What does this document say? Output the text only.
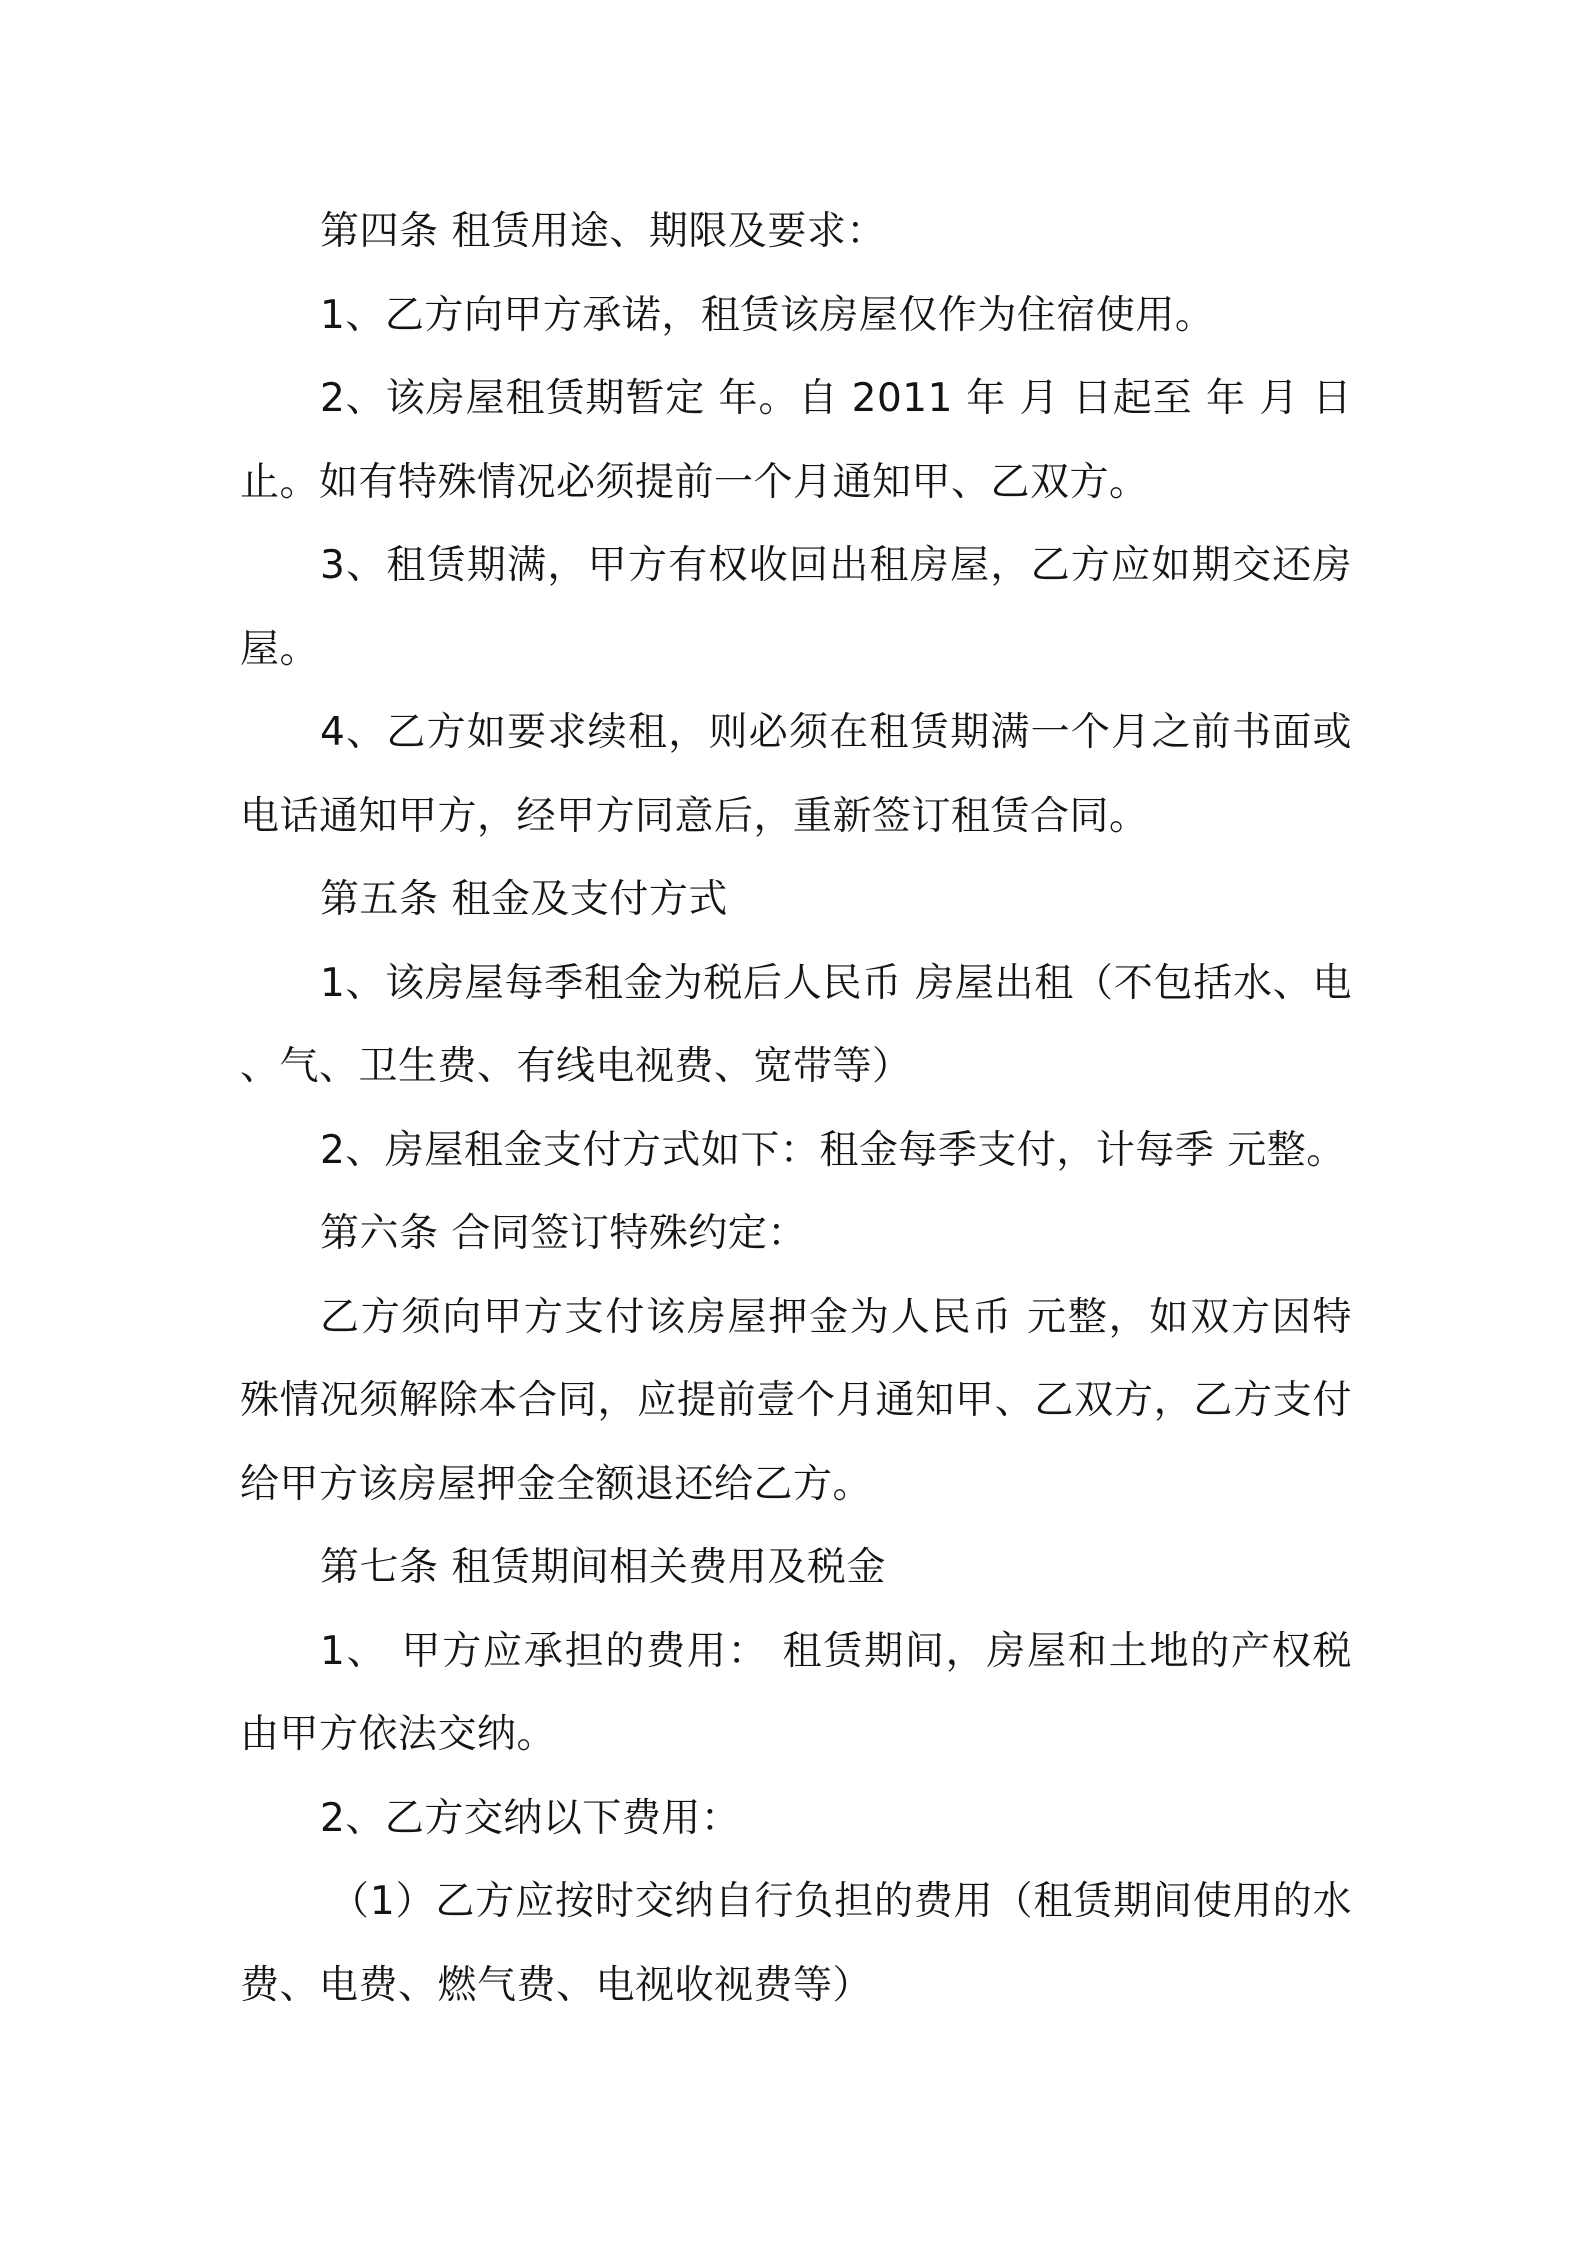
第四条 租赁用途、期限及要求：

1、乙方向甲方承诺，租赁该房屋仅作为住宿使用。

2、该房屋租赁期暂定 年。自 2011 年 月 日起至 年 月 日止。如有特殊情况必须提前一个月通知甲、乙双方。

3、租赁期满，甲方有权收回出租房屋，乙方应如期交还房屋。

4、乙方如要求续租，则必须在租赁期满一个月之前书面或电话通知甲方，经甲方同意后，重新签订租赁合同。

第五条 租金及支付方式

1、该房屋每季租金为税后人民币 房屋出租（不包括水、电、气、卫生费、有线电视费、宽带等）

2、房屋租金支付方式如下：租金每季支付，计每季 元整。

第六条 合同签订特殊约定：

乙方须向甲方支付该房屋押金为人民币 元整，如双方因特殊情况须解除本合同，应提前壹个月通知甲、乙双方，乙方支付给甲方该房屋押金全额退还给乙方。

第七条 租赁期间相关费用及税金

1、 甲方应承担的费用： 租赁期间，房屋和土地的产权税由甲方依法交纳。

2、乙方交纳以下费用：

（1）乙方应按时交纳自行负担的费用（租赁期间使用的水费、电费、燃气费、电视收视费等）
